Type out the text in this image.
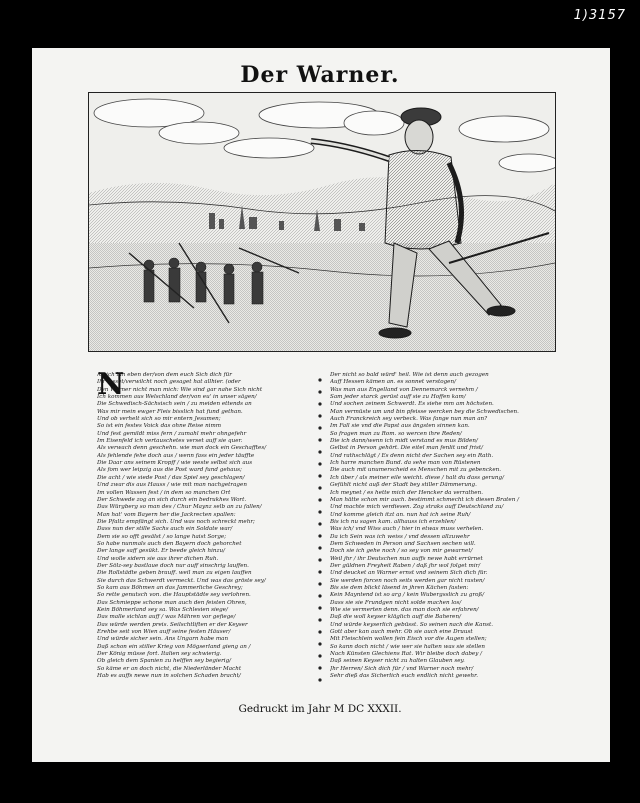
1)3157
Der Warner.
N
Ao ich bin eben der/von dem euch Sich dich für
Ihr lesset/verwilcht noch gesaget hat allhier. (oder
Den Warner nicht man mich: Wie sind gar nahe Sich nicht
Ich kommen aus Welschland der/von eu' in unser sägen/
Die Schwedisch-Sächsisch sein / zu meiden ettends an
Was mir mein ewger Fleis bisslich hat fund gethan.
Und ob verhelt sich so mir entern Jesumen;
So ist ein festes Voick das ohne Reise nimm
Und fest gemildt miss fern / zumahl mehr ohngefehr
Im Eisenfeld ich vertauschetes verset auff sie quer.
Als verwach denn geschehn. wie man dock ein Geschafftes/
Als fehlende fehe doch aus / wenn fass ein jeder täuffte
Die Daar ans seinem Kropff / wie weste selbst sich aus
Als fom wer leipzig aus die Post ward fund gehaus;
Die acht / wie siede Post / das Spiel sey geschlagen/
Und zwar dis aus Hauss / wie mit man nachgetragen
Im vollen Wassen fest / in dem so manchen Ort
Der Schwede zog an sich durch ein bedrukhes Wort.
Das Würgberg so man des / Chur Maynz selb an zu fallen/
Man hat' vom Bayern her die Jackrecten spallen:
Die Pfaltz empfängt sich. Und was noch schreckt mehr;
Dass nun der stille Sachs auch ein Soldate war/
Dem sie so offt gesälst / so lange haist Sorge;
So habe nunmals auch den Bayern doch gehorchet
Der lange saff gesükt. Er beede gleich hinzu/
Und wolle sidern sie aus ihrer dichen Ruh.
Der Sölz-sey bastlaue doch nur auff sinschrig lauffen.
Die Rollstädte geben brauff. weil man zu eigen lauffen
Sie durch das Schwerdt vermeckt. Und was das gröste sey/
So kam aus Böhmen an das Jammerliche Geschrey;
So rette genutsch von. die Hauptstädte sey verlohren.
Das Schmieppe schone man auch den feisten Ohren,
Kein Böhmerland sey sa. Was Schlesien siege/
Das malle sichlan auff / was Mähren vor gefiege/
Das würde werden preis. Seilschtliften er der Keyser
Erehbe seit von Wien auff seine festen Häuser/
Und würde sicher sein. Ans Ungarn habe man
Daß schon ein stiller Krieg von Mögserland gieng an /
Der König müsse fort. Italien sey schwierig.
Ob gleich dem Spanien zu helffen sey begierig/
So käme er an doch nicht, die Niederländer Macht
Hab es auffs newe nun in solchen Schaden bracht/
Der nicht so bald würd' heil. Wie ist denn auch gezogen
Auff Hessen kämen an. es sonnet verstogen/
Was man aus Engelland von Dennemarck vernehm /
Sam jeder starck gerüst auff sie zu Hoffen kam/
Und sochen zeinem Schwerdt. Es siehe mm am höchsten.
Man vermüste um und bin pfeisse wercken bey die Schwedischen.
Auch Franckreich sey verbeck. Was fange nun man an?
Im Fall sie vnd die Papst aus ängsten sinnen kan.
So fragen man zu Rom. so wercen ihre Reden/
Die ich dann/wenn ich midt verstand es mus Bilden/
Gelbst in Person gehört. Die eitel man fenlit und frist/
Und rathschlägt / Es denn nicht der Sachen sey ein Rath.
Ich harre manchen Bund. da sehe man von Rüstenen
Die auch mit unumerscheid es Menschen mit zu gebencken.
Ich über / als meiner eile weicht. diese / halt du dass gerung/
Gefühlt nicht auß der Stadt bey stiller Dämmerung.
Ich meynet / es hette mich der Hencker da verrathen.
Man hätte schon mir auch. bestimmt schmecht ich diesen Braten /
Und machte mich verdiesen. Zog straks auff Deutschland zu/
Und komme gleich itzt an. nun hat ich seine Ruh/
Bis ich nu sagen kam. allhauss ich erzehlen/
Was ich/ vnd Wiss auch / hier in etwas muss verhelen.
Da ich Sein was ich weiss / vnd dessen allzuwehr
Dem Schweden in Person und Sachsen sechen will.
Doch sie ich gehe noch / so sey von mir gewarnet/
Weil jhr / ihr Deutschen nun auffs newe habt errürnet
Der güldnen Freyheit Raben / daß jhr wol folget mir/
Und deucket an Warner ernst vnd seinem Sich dich für.
Sie werden forcen noch seits werden gar nicht rasten/
Bis sie dem blickt läsend in jhren Kächen fasten:
Kein Mayntend ist so arg / kein Wubergsslich zu groß/
Dass sie sie Frundgen nicht solde machen los/
Wie sie vermerten denn. das man doch sie erfahren/
Daß die woll keyser kläglich auff die Baheren/
Und würde keyserlich gebüsst. So seinen nach die Kanst.
Gott aber kan auch mehr. Ob sie auch eine Druust
Mit Fleischlein wollen fein Eisch vor die Augen stellen;
So kann doch nicht / wie wer sie halten was sie stellen
Nach Künsten Glechiens Rat. Wir bleibe doch dabey /
Daß seinen Keyser nicht zu halten Glauben sey.
Jhr Herren/ Sich dich für / vnd Warner noch mehr/
Sehr dieß das Sicherlich euch endlich nicht gewehr.
Gedruckt im Jahr M DC XXXII.
